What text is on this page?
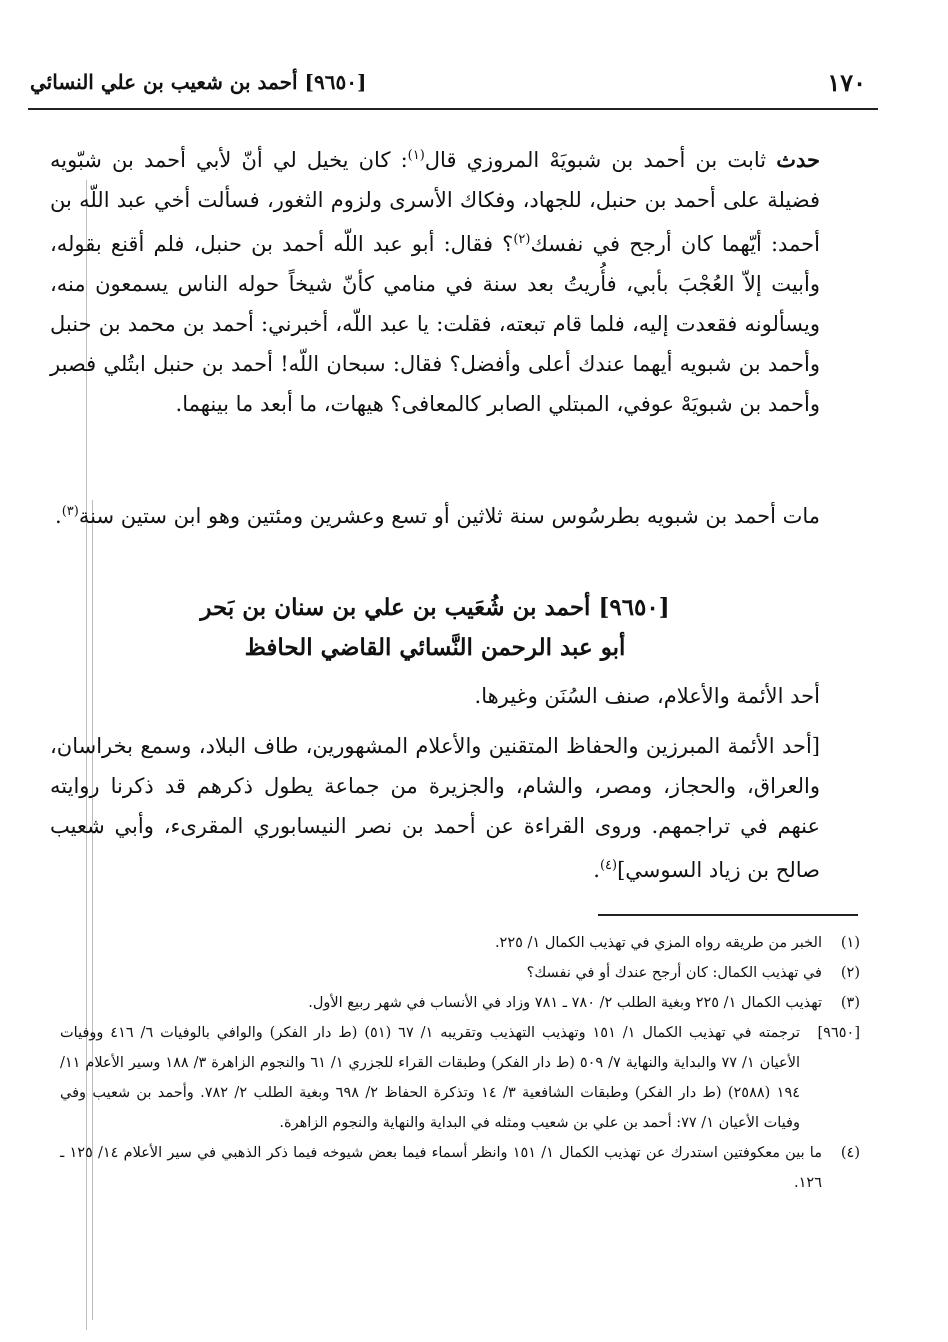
١٧٠
[٩٦٥٠] أحمد بن شعيب بن علي النسائي

حدث ثابت بن أحمد بن شبويَهْ المروزي قال$^{(١)}$: كان يخيل لي أنّ لأبي أحمد بن شبّويه فضيلة على أحمد بن حنبل، للجهاد، وفكاك الأسرى ولزوم الثغور، فسألت أخي عبد اللّه بن أحمد: أيّهما كان أرجح في نفسك$^{(٢)}$؟ فقال: أبو عبد اللّه أحمد بن حنبل، فلم أقنع بقوله، وأبيت إلاّ العُجْبَ بأبي، فأُريتُ بعد سنة في منامي كأنّ شيخاً حوله الناس يسمعون منه، ويسألونه فقعدت إليه، فلما قام تبعته، فقلت: يا عبد اللّه، أخبرني: أحمد بن محمد بن حنبل وأحمد بن شبويه أيهما عندك أعلى وأفضل؟ فقال: سبحان اللّه! أحمد بن حنبل ابتُلي فصبر وأحمد بن شبويَهْ عوفي، المبتلي الصابر كالمعافى؟ هيهات، ما أبعد ما بينهما.

مات أحمد بن شبويه بطرسُوس سنة ثلاثين أو تسع وعشرين ومئتين وهو ابن ستين سنة$^{(٣)}$.

[٩٦٥٠] أحمد بن شُعَيب بن علي بن سنان بن بَحر
أبو عبد الرحمن النَّسائي القاضي الحافظ

أحد الأئمة والأعلام، صنف السُنَن وغيرها.

[أحد الأئمة المبرزين والحفاظ المتقنين والأعلام المشهورين، طاف البلاد، وسمع بخراسان، والعراق، والحجاز، ومصر، والشام، والجزيرة من جماعة يطول ذكرهم قد ذكرنا روايته عنهم في تراجمهم. وروى القراءة عن أحمد بن نصر النيسابوري المقرىء، وأبي شعيب صالح بن زياد السوسي]$^{(٤)}$.

(١)
الخبر من طريقه رواه المزي في تهذيب الكمال ١/ ٢٢٥.

(٢)
في تهذيب الكمال: كان أرجح عندك أو في نفسك؟

(٣)
تهذيب الكمال ١/ ٢٢٥ وبغية الطلب ٢/ ٧٨٠ ـ ٧٨١ وزاد في الأنساب في شهر ربيع الأول.

[٩٦٥٠]
ترجمته في تهذيب الكمال ١/ ١٥١ وتهذيب التهذيب وتقريبه ١/ ٦٧ (٥١) (ط دار الفكر) والوافي بالوفيات ٦/ ٤١٦ ووفيات الأعيان ١/ ٧٧ والبداية والنهاية ٧/ ٥٠٩ (ط دار الفكر) وطبقات القراء للجزري ١/ ٦١ والنجوم الزاهرة ٣/ ١٨٨ وسير الأعلام ١١/ ١٩٤ (٢٥٨٨) (ط دار الفكر) وطبقات الشافعية ٣/ ١٤ وتذكرة الحفاظ ٢/ ٦٩٨ وبغية الطلب ٢/ ٧٨٢. وأحمد بن شعيب وفي وفيات الأعيان ١/ ٧٧: أحمد بن علي بن شعيب ومثله في البداية والنهاية والنجوم الزاهرة.

(٤)
ما بين معكوفتين استدرك عن تهذيب الكمال ١/ ١٥١ وانظر أسماء فيما بعض شيوخه فيما ذكر الذهبي في سير الأعلام ١٤/ ١٢٥ ـ ١٢٦.
